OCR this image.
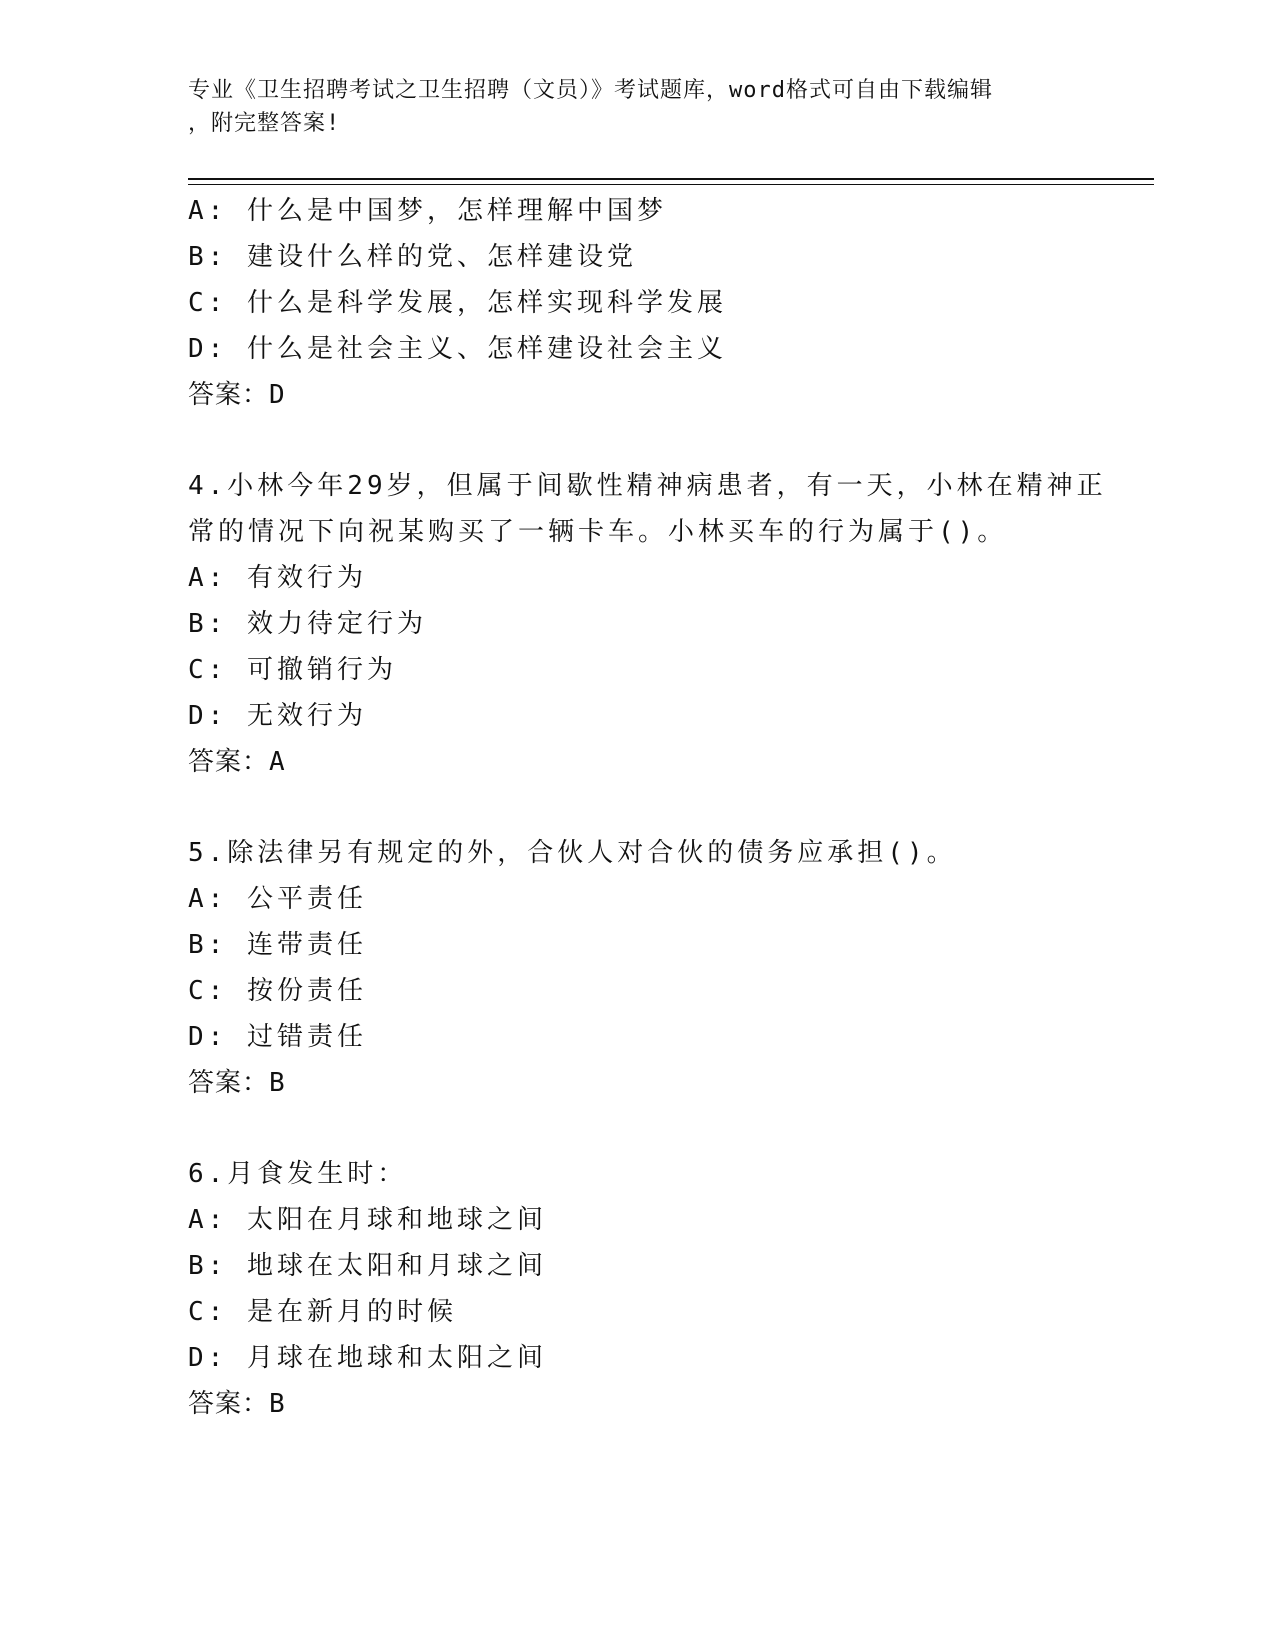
专业《卫生招聘考试之卫生招聘（文员）》考试题库，word格式可自由下载编辑
，附完整答案!
A: 什么是中国梦，怎样理解中国梦
B: 建设什么样的党、怎样建设党
C: 什么是科学发展，怎样实现科学发展
D: 什么是社会主义、怎样建设社会主义
答案：D
4.小林今年29岁，但属于间歇性精神病患者，有一天，小林在精神正
常的情况下向祝某购买了一辆卡车。小林买车的行为属于()。
A: 有效行为
B: 效力待定行为
C: 可撤销行为
D: 无效行为
答案：A
5.除法律另有规定的外，合伙人对合伙的债务应承担()。
A: 公平责任
B: 连带责任
C: 按份责任
D: 过错责任
答案：B
6.月食发生时：
A: 太阳在月球和地球之间
B: 地球在太阳和月球之间
C: 是在新月的时候
D: 月球在地球和太阳之间
答案：B
